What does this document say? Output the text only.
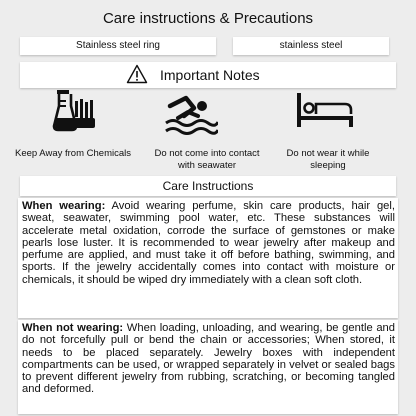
Care instructions & Precautions
Stainless steel ring	stainless steel
Important Notes
Keep Away from Chemicals	Do not come into contact with seawater
Do not wear it while sleeping
Care Instructions
When wearing: Avoid wearing perfume, skin care products, hair gel, sweat, seawater, swimming pool water, etc. These substances will accelerate metal oxidation, corrode the surface of gemstones or make pearls lose luster. It is recommended to wear jewelry after makeup and perfume are applied, and must take it off before bathing, swimming, and sports. If the jewelry accidentally comes into contact with moisture or chemicals, it should be wiped dry immediately with a clean soft cloth.
When not wearing: When loading, unloading, and wearing, be gentle and do not forcefully pull or bend the chain or accessories; When stored, it needs to be placed separately. Jewelry boxes with independent compartments can be used, or wrapped separately in velvet or sealed bags to prevent different jewelry from rubbing, scratching, or becoming tangled and deformed.
